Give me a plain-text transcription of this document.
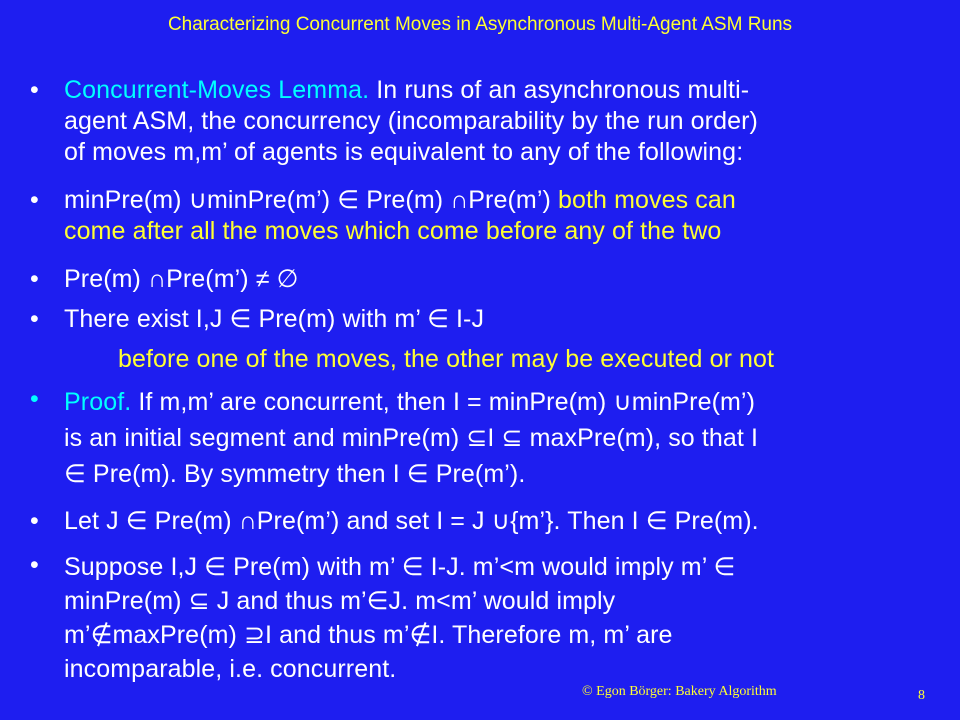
Characterizing Concurrent Moves in Asynchronous Multi-Agent ASM Runs
• Concurrent-Moves Lemma. In runs of an asynchronous multi-
agent ASM, the concurrency (incomparability by the run order)
of moves m,m’ of agents is equivalent to any of the following:
• minPre(m) ∪minPre(m’) ∈ Pre(m) ∩Pre(m’) both moves can
come after all the moves which come before any of the two
• Pre(m) ∩Pre(m’) ≠ ∅
• There exist I,J ∈ Pre(m) with m’ ∈ I-J
before one of the moves, the other may be executed or not
• Proof. If m,m’ are concurrent, then I = minPre(m) ∪minPre(m’)
is an initial segment and minPre(m) ⊆I ⊆ maxPre(m), so that I
∈ Pre(m). By symmetry then I ∈ Pre(m’).
• Let J ∈ Pre(m) ∩Pre(m’) and set I = J ∪{m’}. Then I ∈ Pre(m).
• Suppose I,J ∈ Pre(m) with m’ ∈ I-J. m’<m would imply m’ ∈
minPre(m) ⊆ J and thus m’∈J. m<m’ would imply
m’∉maxPre(m) ⊇I and thus m’∉I. Therefore m, m’ are
incomparable, i.e. concurrent.
© Egon Börger: Bakery Algorithm	8
